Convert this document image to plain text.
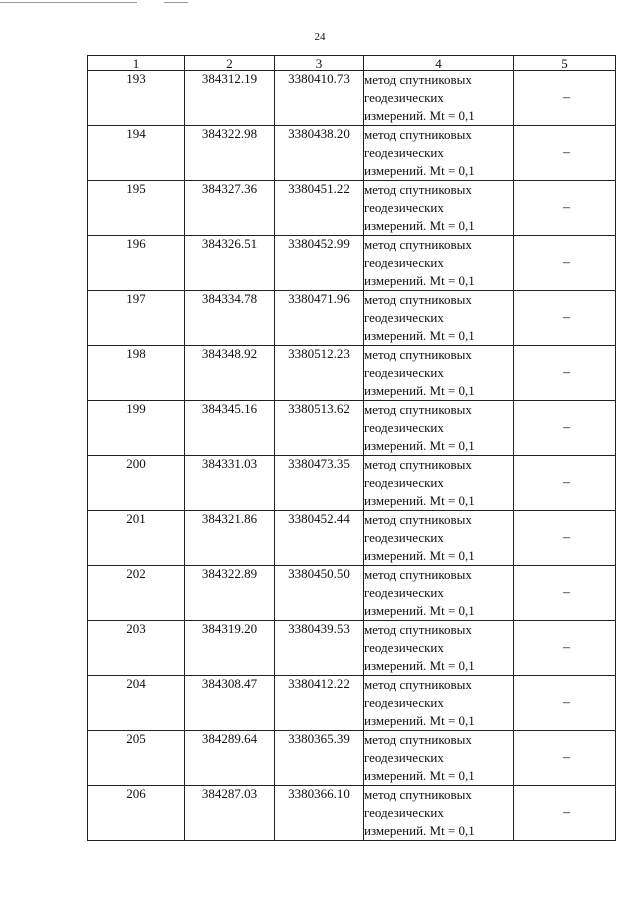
24
1	2	3	4	5
193	384312.19	3380410.73	метод спутниковых
геодезических
измерений. Mt = 0,1	–
194	384322.98	3380438.20	метод спутниковых
геодезических
измерений. Mt = 0,1	–
195	384327.36	3380451.22	метод спутниковых
геодезических
измерений. Mt = 0,1	–
196	384326.51	3380452.99	метод спутниковых
геодезических
измерений. Mt = 0,1	–
197	384334.78	3380471.96	метод спутниковых
геодезических
измерений. Mt = 0,1	–
198	384348.92	3380512.23	метод спутниковых
геодезических
измерений. Mt = 0,1	–
199	384345.16	3380513.62	метод спутниковых
геодезических
измерений. Mt = 0,1	–
200	384331.03	3380473.35	метод спутниковых
геодезических
измерений. Mt = 0,1	–
201	384321.86	3380452.44	метод спутниковых
геодезических
измерений. Mt = 0,1	–
202	384322.89	3380450.50	метод спутниковых
геодезических
измерений. Mt = 0,1	–
203	384319.20	3380439.53	метод спутниковых
геодезических
измерений. Mt = 0,1	–
204	384308.47	3380412.22	метод спутниковых
геодезических
измерений. Mt = 0,1	–
205	384289.64	3380365.39	метод спутниковых
геодезических
измерений. Mt = 0,1	–
206	384287.03	3380366.10	метод спутниковых
геодезических
измерений. Mt = 0,1	–
